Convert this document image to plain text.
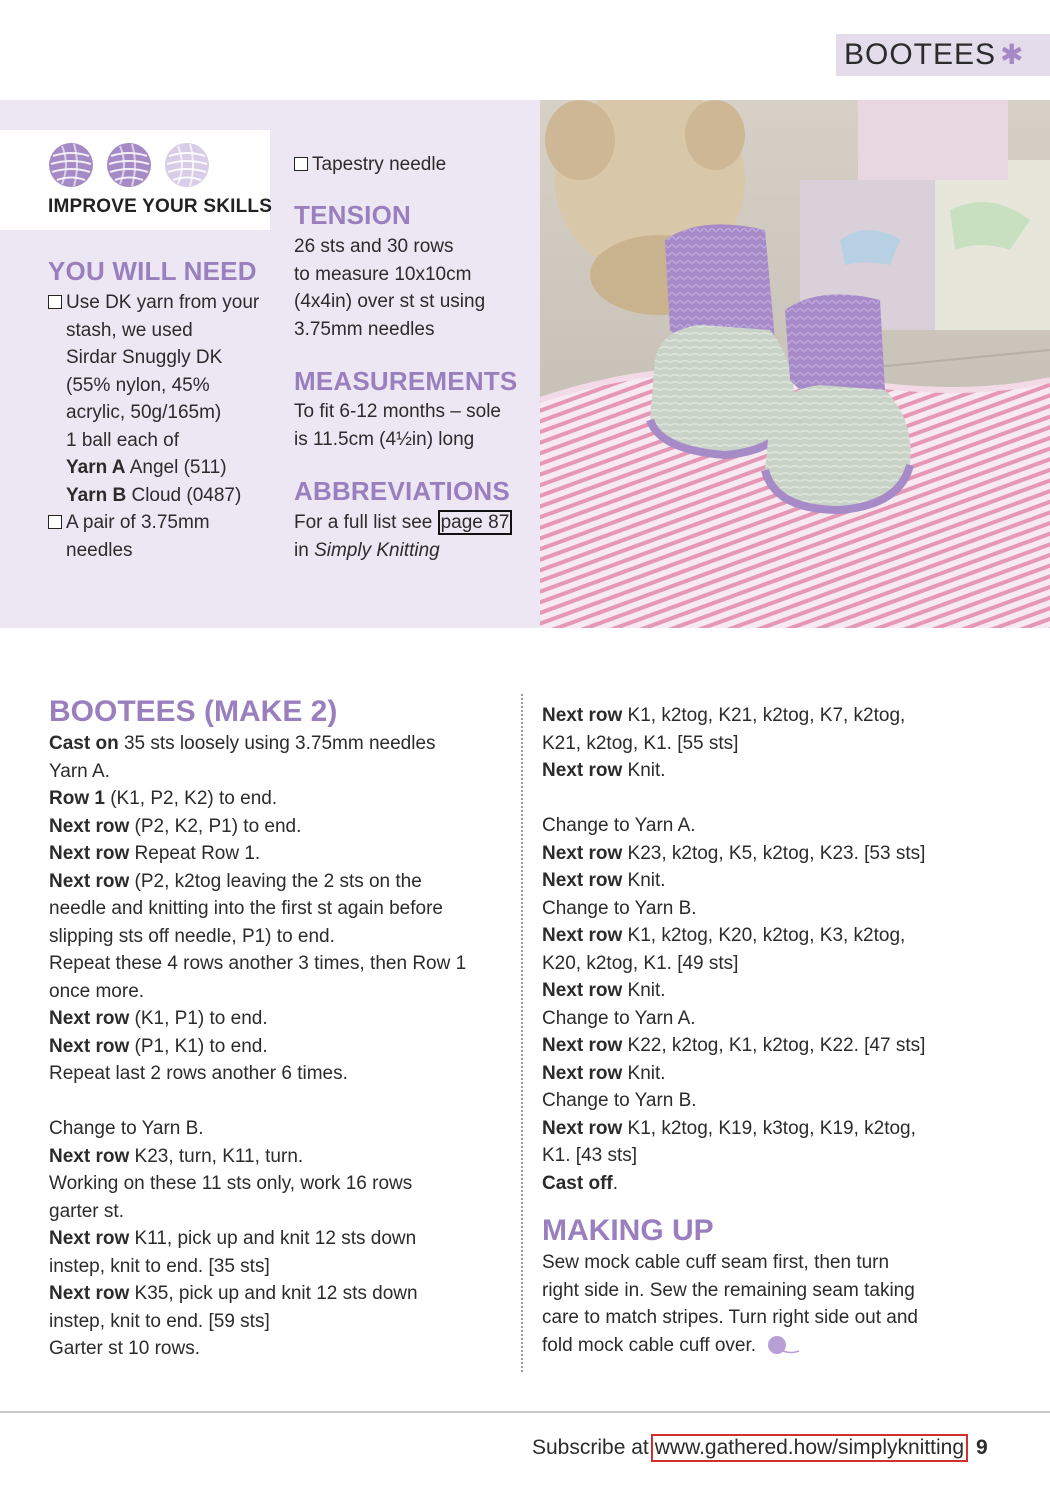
BOOTEES ✱
IMPROVE YOUR SKILLS
YOU WILL NEED
Use DK yarn from your
stash, we used
Sirdar Snuggly DK
(55% nylon, 45%
acrylic, 50g/165m)
1 ball each of
Yarn A Angel (511)
Yarn B Cloud (0487)
A pair of 3.75mm
needles
Tapestry needle
TENSION
26 sts and 30 rows
to measure 10x10cm
(4x4in) over st st using
3.75mm needles
MEASUREMENTS
To fit 6-12 months – sole
is 11.5cm (4½in) long
ABBREVIATIONS
For a full list see page 87
in Simply Knitting
BOOTEES (MAKE 2)

Cast on 35 sts loosely using 3.75mm needles

Yarn A.

Row 1 (K1, P2, K2) to end.

Next row (P2, K2, P1) to end.

Next row Repeat Row 1.

Next row (P2, k2tog leaving the 2 sts on the

needle and knitting into the first st again before

slipping sts off needle, P1) to end.

Repeat these 4 rows another 3 times, then Row 1

once more.

Next row (K1, P1) to end.

Next row (P1, K1) to end.

Repeat last 2 rows another 6 times.

Change to Yarn B.

Next row K23, turn, K11, turn.

Working on these 11 sts only, work 16 rows

garter st.

Next row K11, pick up and knit 12 sts down

instep, knit to end. [35 sts]

Next row K35, pick up and knit 12 sts down

instep, knit to end. [59 sts]

Garter st 10 rows.

Next row K1, k2tog, K21, k2tog, K7, k2tog,

K21, k2tog, K1. [55 sts]

Next row Knit.

Change to Yarn A.

Next row K23, k2tog, K5, k2tog, K23. [53 sts]

Next row Knit.

Change to Yarn B.

Next row K1, k2tog, K20, k2tog, K3, k2tog,

K20, k2tog, K1. [49 sts]

Next row Knit.

Change to Yarn A.

Next row K22, k2tog, K1, k2tog, K22. [47 sts]

Next row Knit.

Change to Yarn B.

Next row K1, k2tog, K19, k3tog, K19, k2tog,

K1. [43 sts]

Cast off.

MAKING UP

Sew mock cable cuff seam first, then turn

right side in. Sew the remaining seam taking

care to match stripes. Turn right side out and

fold mock cable cuff over.

Subscribe at www.gathered.how/simplyknitting 9
